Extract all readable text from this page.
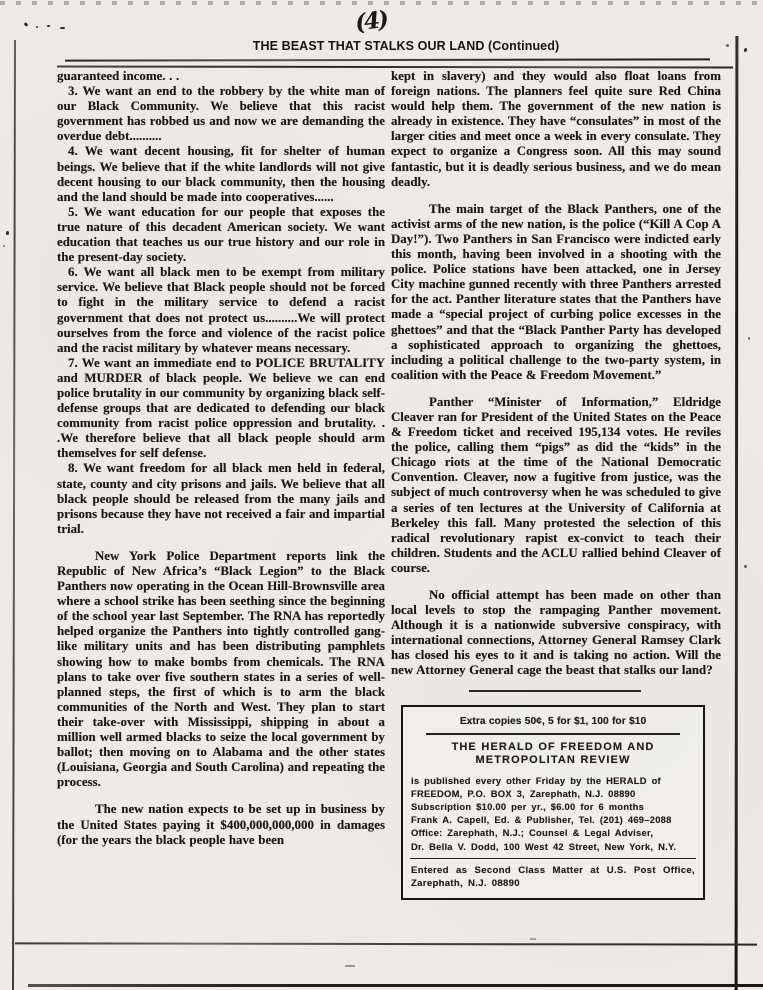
(4)
THE BEAST THAT STALKS OUR LAND (Continued)
guaranteed income. . .
3. We want an end to the robbery by the white man of our Black Community. We believe that this racist government has robbed us and now we are demanding the overdue debt..........
4. We want decent housing, fit for shelter of human beings. We believe that if the white landlords will not give decent housing to our black community, then the housing and the land should be made into cooperatives......
5. We want education for our people that exposes the true nature of this decadent American society. We want education that teaches us our true history and our role in the present-day society.
6. We want all black men to be exempt from military service. We believe that Black people should not be forced to fight in the military service to defend a racist government that does not protect us..........We will protect ourselves from the force and violence of the racist police and the racist military by whatever means necessary.
7. We want an immediate end to POLICE BRUTALITY and MURDER of black people. We believe we can end police brutality in our community by organizing black self-defense groups that are dedicated to defending our black community from racist police oppression and brutality. . .We therefore believe that all black people should arm themselves for self defense.
8. We want freedom for all black men held in federal, state, county and city prisons and jails. We believe that all black people should be released from the many jails and prisons because they have not received a fair and impartial trial.
New York Police Department reports link the Republic of New Africa’s “Black Legion” to the Black Panthers now operating in the Ocean Hill-Brownsville area where a school strike has been seething since the beginning of the school year last September. The RNA has reportedly helped organize the Panthers into tightly controlled gang-like military units and has been distributing pamphlets showing how to make bombs from chemicals. The RNA plans to take over five southern states in a series of well-planned steps, the first of which is to arm the black communities of the North and West. They plan to start their take-over with Mississippi, shipping in about a million well armed blacks to seize the local government by ballot; then moving on to Alabama and the other states (Louisiana, Georgia and South Carolina) and repeating the process.
The new nation expects to be set up in business by the United States paying it $400,000,000,000 in damages (for the years the black people have been
kept in slavery) and they would also float loans from foreign nations. The planners feel quite sure Red China would help them. The government of the new nation is already in existence. They have “consulates” in most of the larger cities and meet once a week in every consulate. They expect to organize a Congress soon. All this may sound fantastic, but it is deadly serious business, and we do mean deadly.
The main target of the Black Panthers, one of the activist arms of the new nation, is the police (“Kill A Cop A Day!”). Two Panthers in San Francisco were indicted early this month, having been involved in a shooting with the police. Police stations have been attacked, one in Jersey City machine gunned recently with three Panthers arrested for the act. Panther literature states that the Panthers have made a “special project of curbing police excesses in the ghettoes” and that the “Black Panther Party has developed a sophisticated approach to organizing the ghettoes, including a political challenge to the two-party system, in coalition with the Peace & Freedom Movement.”
Panther “Minister of Information,” Eldridge Cleaver ran for President of the United States on the Peace & Freedom ticket and received 195,134 votes. He reviles the police, calling them “pigs” as did the “kids” in the Chicago riots at the time of the National Democratic Convention. Cleaver, now a fugitive from justice, was the subject of much controversy when he was scheduled to give a series of ten lectures at the University of California at Berkeley this fall. Many protested the selection of this radical revolutionary rapist ex-convict to teach their children. Students and the ACLU rallied behind Cleaver of course.
No official attempt has been made on other than local levels to stop the rampaging Panther movement. Although it is a nationwide subversive conspiracy, with international connections, Attorney General Ramsey Clark has closed his eyes to it and is taking no action. Will the new Attorney General cage the beast that stalks our land?
Extra copies 50¢, 5 for $1, 100 for $10
THE HERALD OF FREEDOM AND METROPOLITAN REVIEW
is published every other Friday by the HERALD of
FREEDOM, P.O. BOX 3, Zarephath, N.J. 08890
Subscription $10.00 per yr., $6.00 for 6 months
Frank A. Capell, Ed. & Publisher, Tel. (201) 469–2088
Office: Zarephath, N.J.; Counsel & Legal Adviser,
Dr. Bella V. Dodd, 100 West 42 Street, New York, N.Y.
Entered as Second Class Matter at U.S. Post Office, Zarephath, N.J. 08890
